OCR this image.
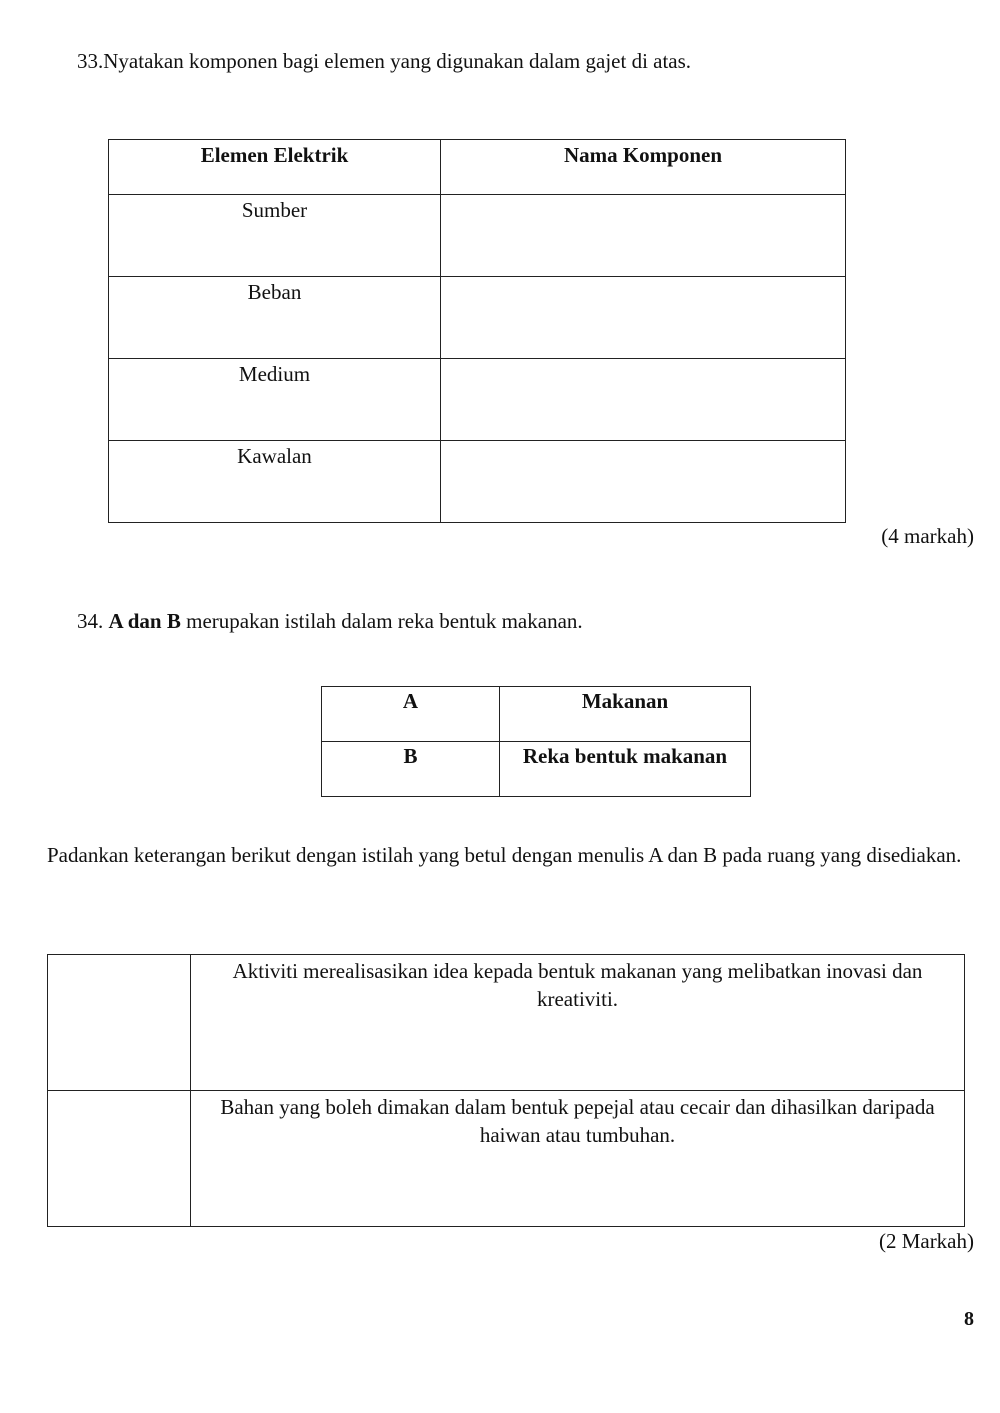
33.Nyatakan komponen bagi elemen yang digunakan dalam gajet di atas.
Elemen Elektrik	Nama Komponen
Sumber	
Beban	
Medium	
Kawalan	
(4 markah)
34. A dan B merupakan istilah dalam reka bentuk makanan.
A	Makanan
B	Reka bentuk makanan
Padankan keterangan berikut dengan istilah yang betul dengan menulis A dan B pada ruang yang disediakan.
	Aktiviti merealisasikan idea kepada bentuk makanan yang melibatkan inovasi dan kreativiti.
	Bahan yang boleh dimakan dalam bentuk pepejal atau cecair dan dihasilkan daripada haiwan atau tumbuhan.
(2 Markah)
8
